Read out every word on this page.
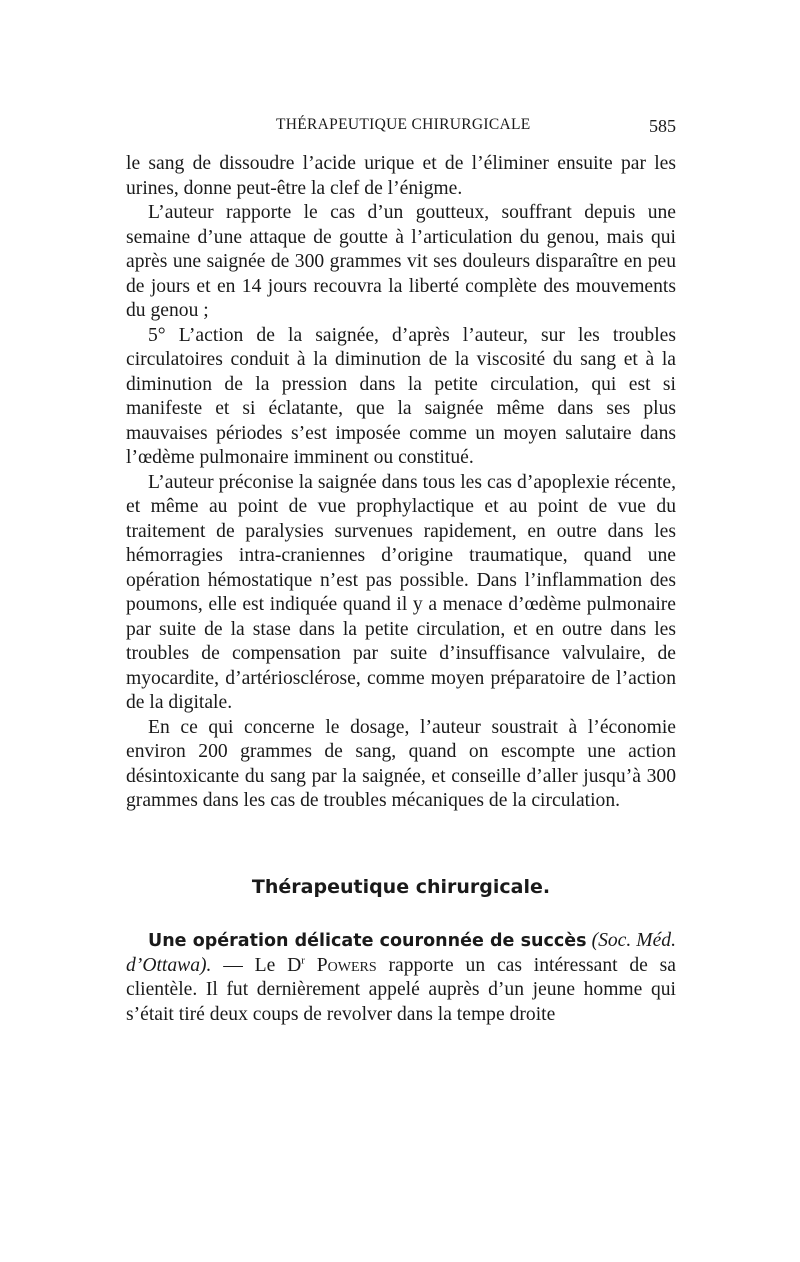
THÉRAPEUTIQUE CHIRURGICALE	585

le sang de dissoudre l’acide urique et de l’éliminer ensuite par les urines, donne peut-être la clef de l’énigme.

L’auteur rapporte le cas d’un goutteux, souffrant depuis une semaine d’une attaque de goutte à l’articulation du genou, mais qui après une saignée de 300 grammes vit ses douleurs disparaître en peu de jours et en 14 jours recouvra la liberté complète des mouvements du genou ;

5° L’action de la saignée, d’après l’auteur, sur les troubles circulatoires conduit à la diminution de la viscosité du sang et à la diminution de la pression dans la petite circulation, qui est si manifeste et si éclatante, que la saignée même dans ses plus mauvaises périodes s’est imposée comme un moyen salutaire dans l’œdème pulmonaire imminent ou constitué.

L’auteur préconise la saignée dans tous les cas d’apoplexie récente, et même au point de vue prophylactique et au point de vue du traitement de paralysies survenues rapidement, en outre dans les hémorragies intra-craniennes d’origine traumatique, quand une opération hémostatique n’est pas possible. Dans l’inflammation des poumons, elle est indiquée quand il y a menace d’œdème pulmonaire par suite de la stase dans la petite circulation, et en outre dans les troubles de compensation par suite d’insuffisance valvulaire, de myocardite, d’artériosclérose, comme moyen préparatoire de l’action de la digitale.

En ce qui concerne le dosage, l’auteur soustrait à l’économie environ 200 grammes de sang, quand on escompte une action désintoxicante du sang par la saignée, et conseille d’aller jusqu’à 300 grammes dans les cas de troubles mécaniques de la circulation.

Thérapeutique chirurgicale.

Une opération délicate couronnée de succès (Soc. Méd. d’Ottawa). — Le $D^r$ Powers rapporte un cas intéressant de sa clientèle. Il fut dernièrement appelé auprès d’un jeune homme qui s’était tiré deux coups de revolver dans la tempe droite
